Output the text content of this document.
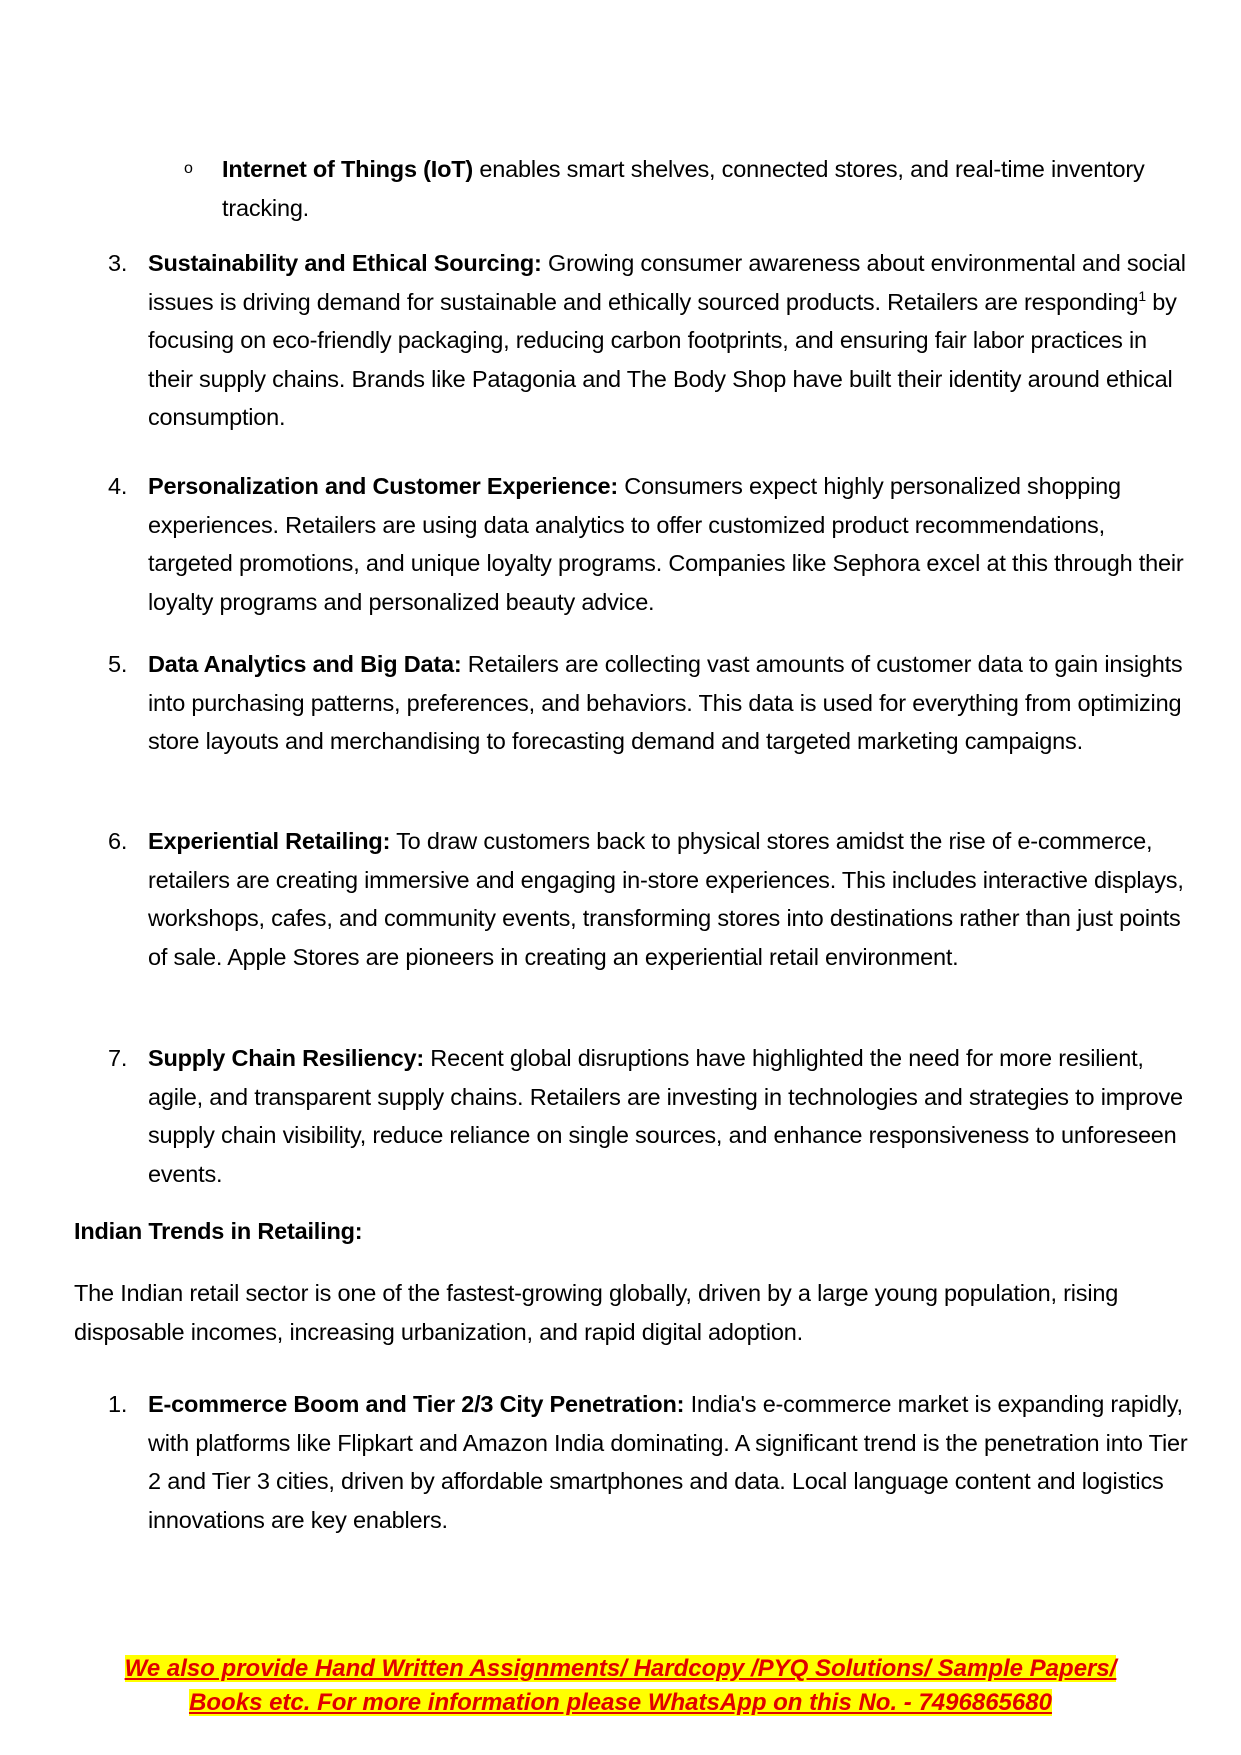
o Internet of Things (IoT) enables smart shelves, connected stores, and real-time inventory tracking.
3. Sustainability and Ethical Sourcing: Growing consumer awareness about environmental and social issues is driving demand for sustainable and ethically sourced products. Retailers are responding$^1$ by focusing on eco-friendly packaging, reducing carbon footprints, and ensuring fair labor practices in their supply chains. Brands like Patagonia and The Body Shop have built their identity around ethical consumption.
4. Personalization and Customer Experience: Consumers expect highly personalized shopping experiences. Retailers are using data analytics to offer customized product recommendations, targeted promotions, and unique loyalty programs. Companies like Sephora excel at this through their loyalty programs and personalized beauty advice.
5. Data Analytics and Big Data: Retailers are collecting vast amounts of customer data to gain insights into purchasing patterns, preferences, and behaviors. This data is used for everything from optimizing store layouts and merchandising to forecasting demand and targeted marketing campaigns.
6. Experiential Retailing: To draw customers back to physical stores amidst the rise of e-commerce, retailers are creating immersive and engaging in-store experiences. This includes interactive displays, workshops, cafes, and community events, transforming stores into destinations rather than just points of sale. Apple Stores are pioneers in creating an experiential retail environment.
7. Supply Chain Resiliency: Recent global disruptions have highlighted the need for more resilient, agile, and transparent supply chains. Retailers are investing in technologies and strategies to improve supply chain visibility, reduce reliance on single sources, and enhance responsiveness to unforeseen events.
Indian Trends in Retailing:
The Indian retail sector is one of the fastest-growing globally, driven by a large young population, rising disposable incomes, increasing urbanization, and rapid digital adoption.
1. E-commerce Boom and Tier 2/3 City Penetration: India's e-commerce market is expanding rapidly, with platforms like Flipkart and Amazon India dominating. A significant trend is the penetration into Tier 2 and Tier 3 cities, driven by affordable smartphones and data. Local language content and logistics innovations are key enablers.
We also provide Hand Written Assignments/ Hardcopy /PYQ Solutions/ Sample Papers/
Books etc. For more information please WhatsApp on this No. - 7496865680
